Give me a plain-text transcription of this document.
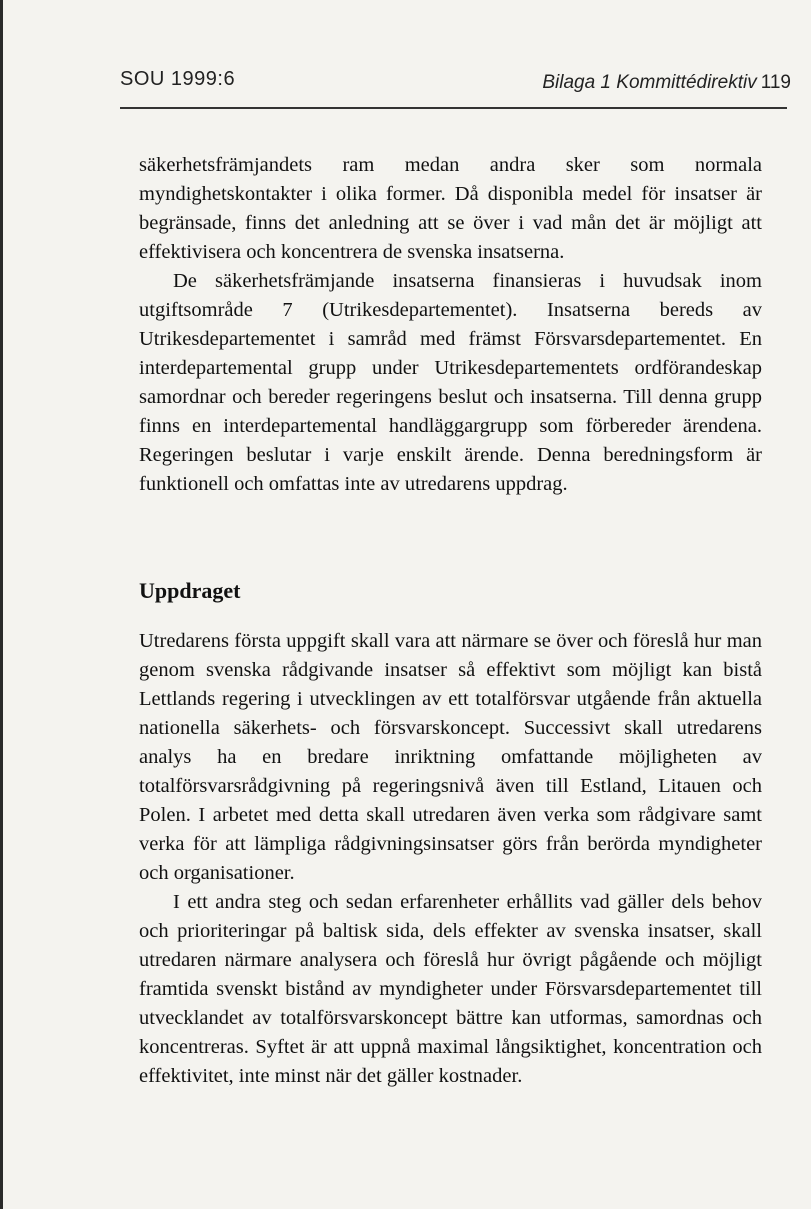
SOU 1999:6	Bilaga 1 Kommittédirektiv 119

säkerhetsfrämjandets ram medan andra sker som normala myndighetskontakter i olika former. Då disponibla medel för insatser är begränsade, finns det anledning att se över i vad mån det är möjligt att effektivisera och koncentrera de svenska insatserna.

De säkerhetsfrämjande insatserna finansieras i huvudsak inom utgiftsområde 7 (Utrikesdepartementet). Insatserna bereds av Utrikesdepartementet i samråd med främst Försvarsdepartementet. En interdepartemental grupp under Utrikesdepartementets ordförandeskap samordnar och bereder regeringens beslut och insatserna. Till denna grupp finns en interdepartemental handläggargrupp som förbereder ärendena. Regeringen beslutar i varje enskilt ärende. Denna beredningsform är funktionell och omfattas inte av utredarens uppdrag.

Uppdraget

Utredarens första uppgift skall vara att närmare se över och föreslå hur man genom svenska rådgivande insatser så effektivt som möjligt kan bistå Lettlands regering i utvecklingen av ett totalförsvar utgående från aktuella nationella säkerhets- och försvarskoncept. Successivt skall utredarens analys ha en bredare inriktning omfattande möjligheten av totalförsvarsrådgivning på regeringsnivå även till Estland, Litauen och Polen. I arbetet med detta skall utredaren även verka som rådgivare samt verka för att lämpliga rådgivningsinsatser görs från berörda myndigheter och organisationer.

I ett andra steg och sedan erfarenheter erhållits vad gäller dels behov och prioriteringar på baltisk sida, dels effekter av svenska insatser, skall utredaren närmare analysera och föreslå hur övrigt pågående och möjligt framtida svenskt bistånd av myndigheter under Försvarsdepartementet till utvecklandet av totalförsvarskoncept bättre kan utformas, samordnas och koncentreras. Syftet är att uppnå maximal långsiktighet, koncentration och effektivitet, inte minst när det gäller kostnader.
